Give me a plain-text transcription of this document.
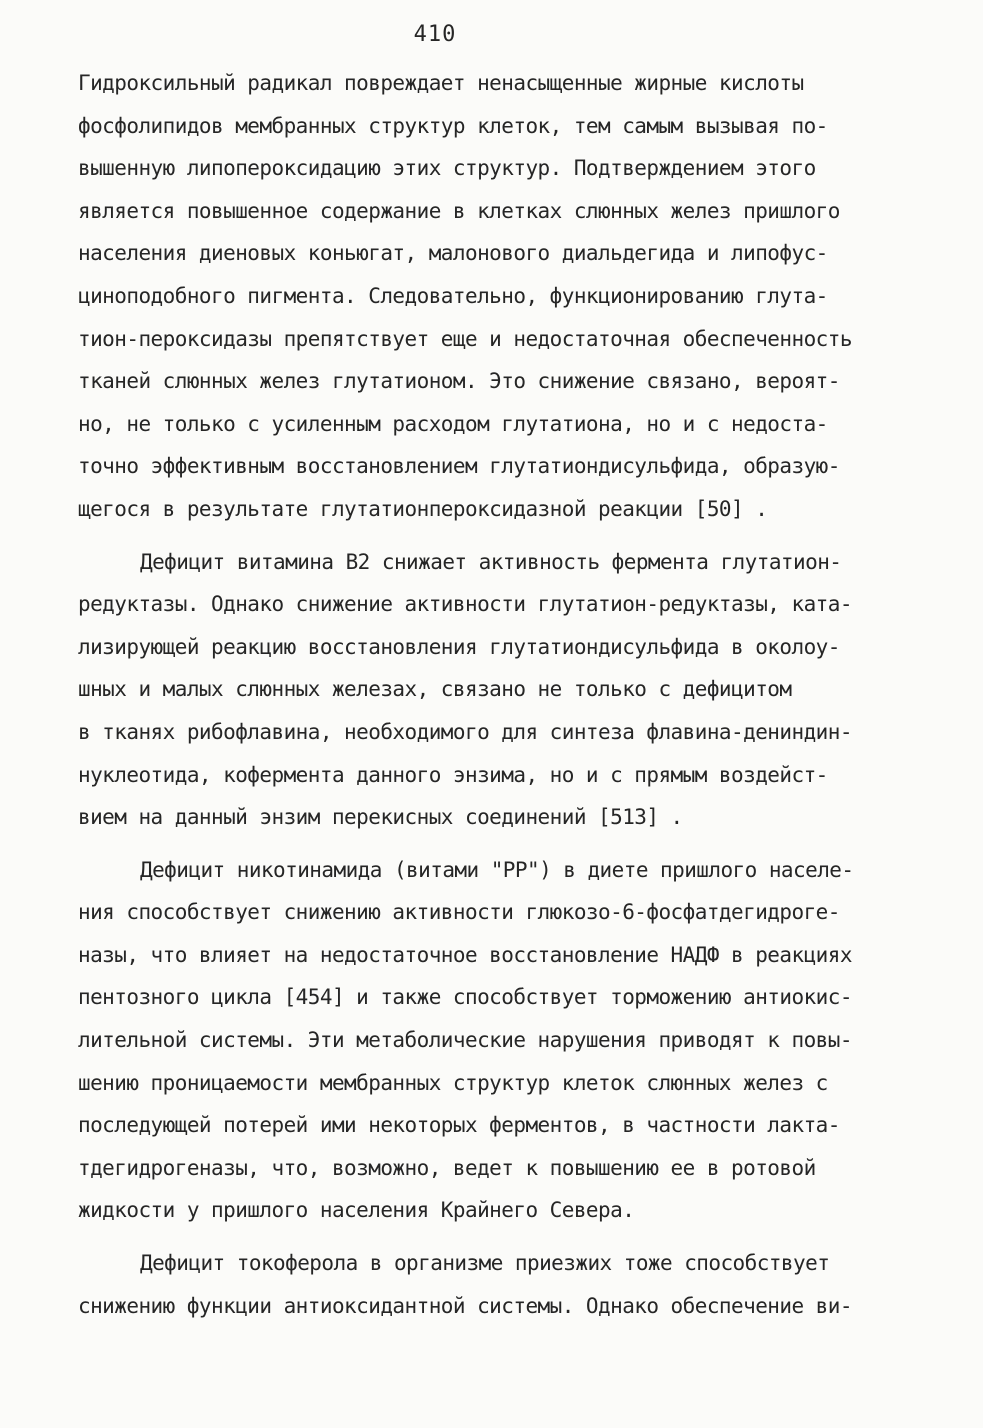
410
Гидроксильный радикал повреждает ненасыщенные жирные кислоты
фосфолипидов мембранных структур клеток, тем самым вызывая по-
вышенную липопероксидацию этих структур. Подтверждением этого
является повышенное содержание в клетках слюнных желез пришлого
населения диеновых коньюгат, малонового диальдегида и липофус-
циноподобного пигмента. Следовательно, функционированию глута-
тион-пероксидазы препятствует еще и недостаточная обеспеченность
тканей слюнных желез глутатионом. Это снижение связано, вероят-
но, не только с усиленным расходом глутатиона, но и с недоста-
точно эффективным восстановлением глутатиондисульфида, образую-
щегося в результате глутатионпероксидазной реакции [50] .
Дефицит витамина B2 снижает активность фермента глутатион-
редуктазы. Однако снижение активности глутатион-редуктазы, ката-
лизирующей реакцию восстановления глутатиондисульфида в околоу-
шных и малых слюнных железах, связано не только с дефицитом
в тканях рибофлавина, необходимого для синтеза флавина-дениндин-
нуклеотида, кофермента данного энзима, но и с прямым воздейст-
вием на данный энзим перекисных соединений [513] .
Дефицит никотинамида (витами "РР") в диете пришлого населе-
ния способствует снижению активности глюкозо-6-фосфатдегидроге-
назы, что влияет на недостаточное восстановление НАДФ в реакциях
пентозного цикла [454] и также способствует торможению антиокис-
лительной системы. Эти метаболические нарушения приводят к повы-
шению проницаемости мембранных структур клеток слюнных желез с
последующей потерей ими некоторых ферментов, в частности лакта-
тдегидрогеназы, что, возможно, ведет к повышению ее в ротовой
жидкости у пришлого населения Крайнего Севера.
Дефицит токоферола в организме приезжих тоже способствует
снижению функции антиоксидантной системы. Однако обеспечение ви-
